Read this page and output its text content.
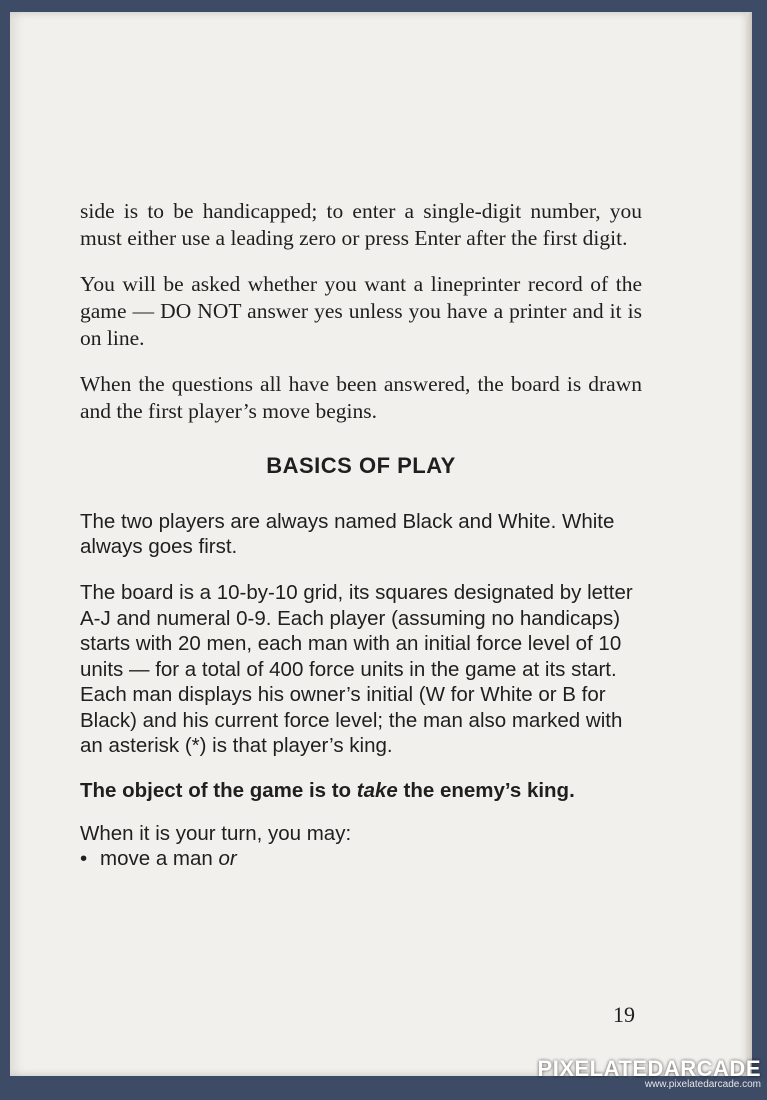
side is to be handicapped; to enter a single-digit number, you must either use a leading zero or press Enter after the first digit.

You will be asked whether you want a lineprinter record of the game — DO NOT answer yes unless you have a printer and it is on line.

When the questions all have been answered, the board is drawn and the first player’s move begins.

BASICS OF PLAY

The two players are always named Black and White. White always goes first.

The board is a 10-by-10 grid, its squares designated by letter A-J and numeral 0-9. Each player (assuming no handicaps) starts with 20 men, each man with an initial force level of 10 units — for a total of 400 force units in the game at its start. Each man displays his owner’s initial (W for White or B for Black) and his current force level; the man also marked with an asterisk (*) is that player’s king.

The object of the game is to take the enemy’s king.

When it is your turn, you may:

• move a man or
19
PIXELATEDARCADE
www.pixelatedarcade.com
